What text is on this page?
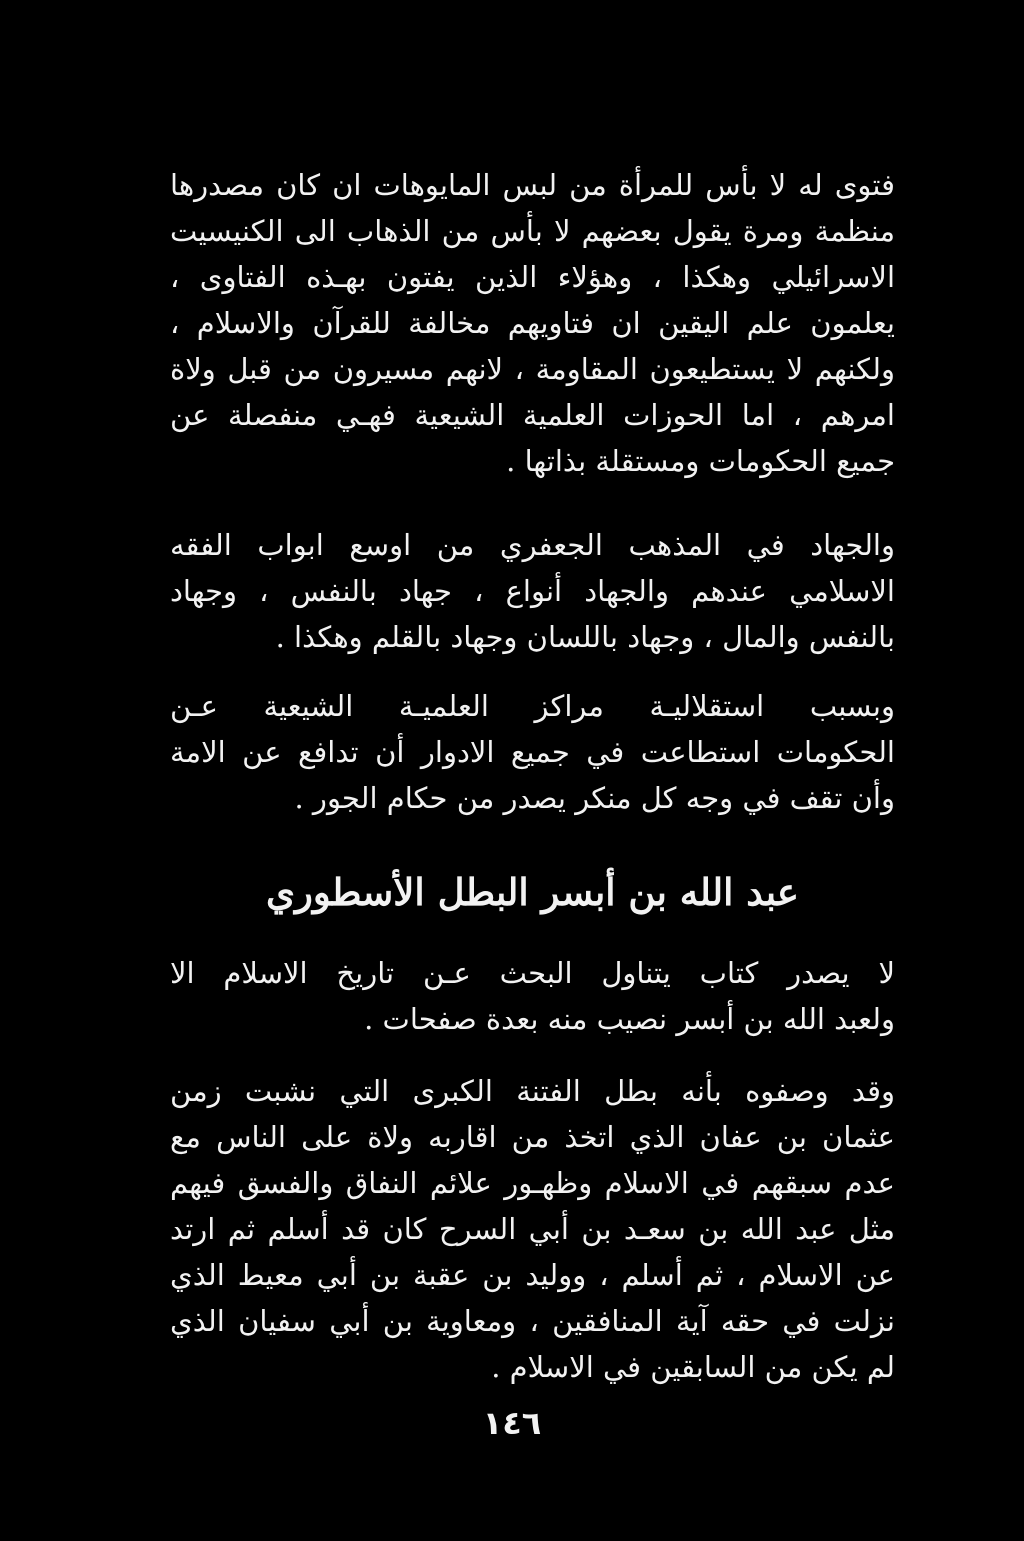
فتوى له لا بأس للمرأة من لبس المايوهات ان كان مصدرها
منظمة ومرة يقول بعضهم لا بأس من الذهاب الى الكنيسيت
الاسرائيلي وهكذا ، وهؤلاء الذين يفتون بهـذه الفتاوى ،
يعلمون علم اليقين ان فتاويهم مخالفة للقرآن والاسلام ،
ولكنهم لا يستطيعون المقاومة ، لانهم مسيرون من قبل ولاة
امرهم ، اما الحوزات العلمية الشيعية فهـي منفصلة عن
جميع الحكومات ومستقلة بذاتها .
والجهاد في المذهب الجعفري من اوسع ابواب الفقه
الاسلامي عندهم والجهاد أنواع ، جهاد بالنفس ، وجهاد
بالنفس والمال ، وجهاد باللسان وجهاد بالقلم وهكذا .
وبسبب استقلاليـة مراكز العلميـة الشيعية عـن
الحكومات استطاعت في جميع الادوار أن تدافع عن الامة
وأن تقف في وجه كل منكر يصدر من حكام الجور .
عبد الله بن أبسر البطل الأسطوري
لا يصدر كتاب يتناول البحث عـن تاريخ الاسلام الا
ولعبد الله بن أبسر نصيب منه بعدة صفحات .
وقد وصفوه بأنه بطل الفتنة الكبرى التي نشبت زمن
عثمان بن عفان الذي اتخذ من اقاربه ولاة على الناس مع
عدم سبقهم في الاسلام وظهـور علائم النفاق والفسق فيهم
مثل عبد الله بن سعـد بن أبي السرح كان قد أسلم ثم ارتد
عن الاسلام ، ثم أسلم ، ووليد بن عقبة بن أبي معيط الذي
نزلت في حقه آية المنافقين ، ومعاوية بن أبي سفيان الذي
لم يكن من السابقين في الاسلام .
١٤٦
